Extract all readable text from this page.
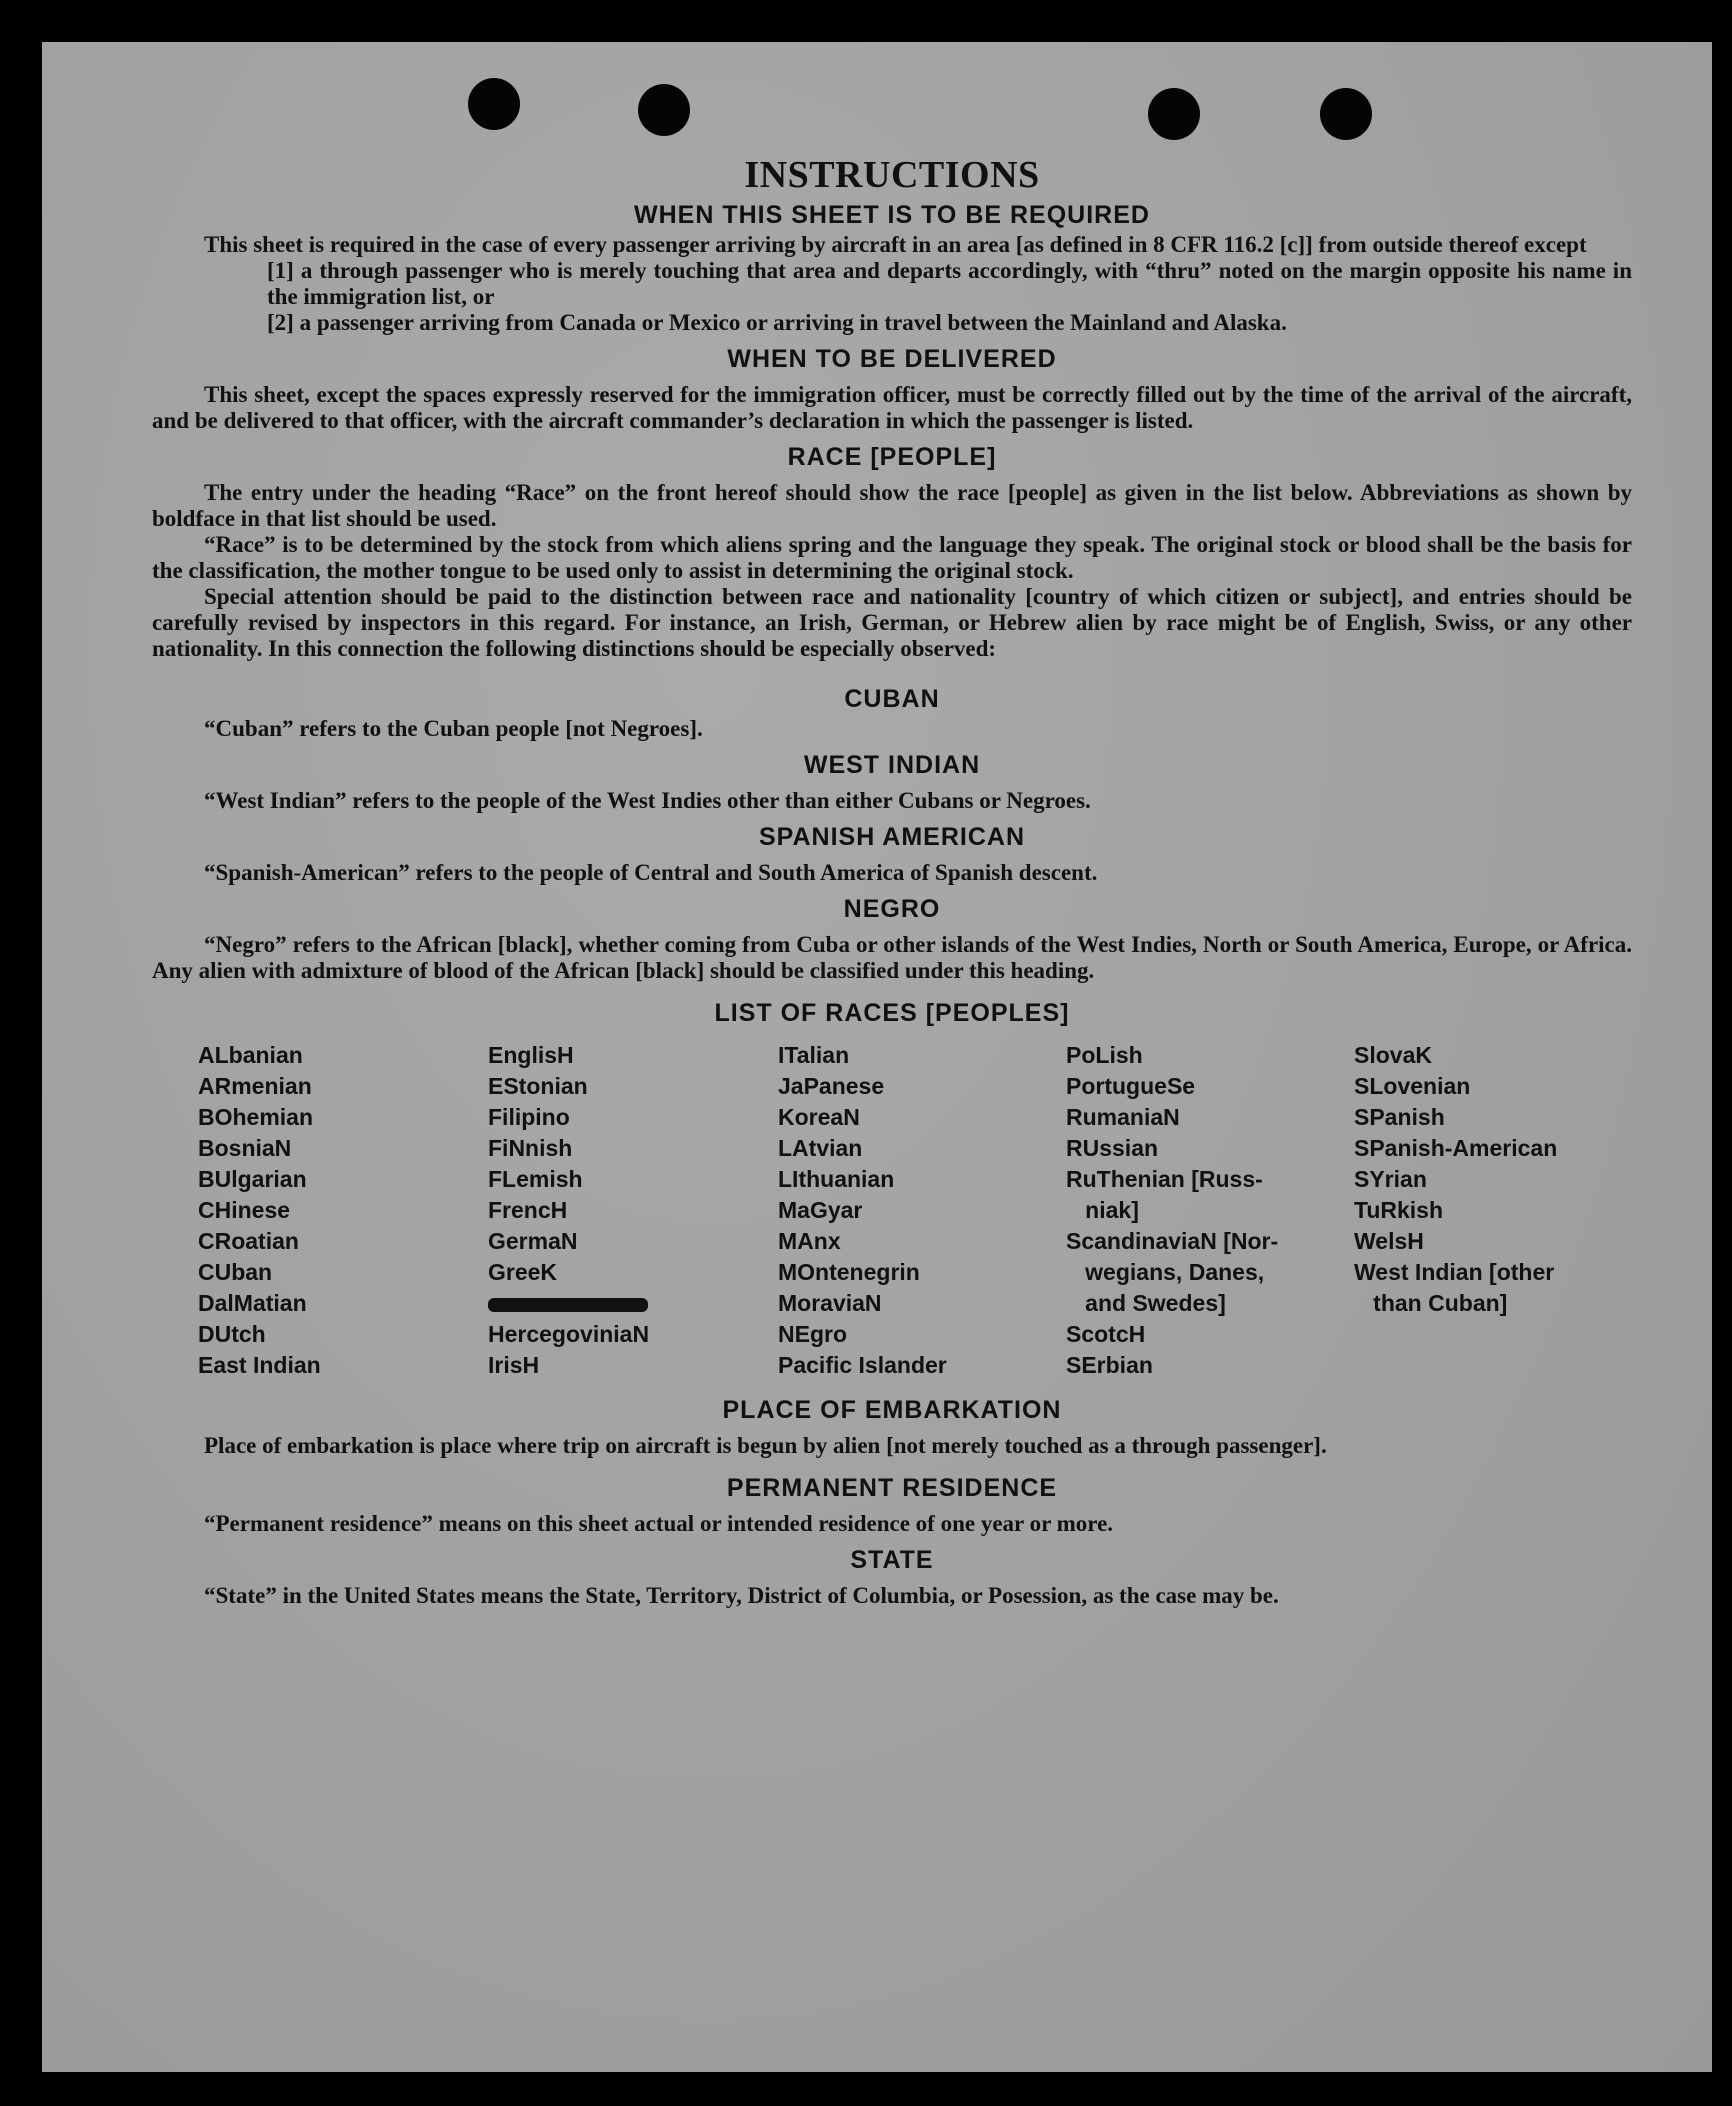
INSTRUCTIONS
WHEN THIS SHEET IS TO BE REQUIRED

This sheet is required in the case of every passenger arriving by aircraft in an area [as defined in 8 CFR 116.2 [c]] from outside thereof except

[1] a through passenger who is merely touching that area and departs accordingly, with “thru” noted on the margin opposite his name in the immigration list, or

[2] a passenger arriving from Canada or Mexico or arriving in travel between the Mainland and Alaska.

WHEN TO BE DELIVERED

This sheet, except the spaces expressly reserved for the immigration officer, must be correctly filled out by the time of the arrival of the aircraft, and be delivered to that officer, with the aircraft commander’s declaration in which the passenger is listed.

RACE [PEOPLE]

The entry under the heading “Race” on the front hereof should show the race [people] as given in the list below. Abbreviations as shown by boldface in that list should be used.

“Race” is to be determined by the stock from which aliens spring and the language they speak. The original stock or blood shall be the basis for the classification, the mother tongue to be used only to assist in determining the original stock.

Special attention should be paid to the distinction between race and nationality [country of which citizen or subject], and entries should be carefully revised by inspectors in this regard. For instance, an Irish, German, or Hebrew alien by race might be of English, Swiss, or any other nationality. In this connection the following distinctions should be especially observed:

CUBAN

“Cuban” refers to the Cuban people [not Negroes].

WEST INDIAN

“West Indian” refers to the people of the West Indies other than either Cubans or Negroes.

SPANISH AMERICAN

“Spanish-American” refers to the people of Central and South America of Spanish descent.

NEGRO

“Negro” refers to the African [black], whether coming from Cuba or other islands of the West Indies, North or South America, Europe, or Africa. Any alien with admixture of blood of the African [black] should be classified under this heading.

LIST OF RACES [PEOPLES]
ALbanian
ARmenian
BOhemian
BosniaN
BUlgarian
CHinese
CRoatian
CUban
DalMatian
DUtch
East Indian
EnglisH
EStonian
Filipino
FiNnish
FLemish
FrencH
GermaN
GreeK
HercegoviniaN
IrisH
ITalian
JaPanese
KoreaN
LAtvian
LIthuanian
MaGyar
MAnx
MOntenegrin
MoraviaN
NEgro
Pacific Islander
PoLish
PortugueSe
RumaniaN
RUssian
RuThenian [Russ-
niak]
ScandinaviaN [Nor-
wegians, Danes,
and Swedes]
ScotcH
SErbian
SlovaK
SLovenian
SPanish
SPanish-American
SYrian
TuRkish
WelsH
West Indian [other
than Cuban]
PLACE OF EMBARKATION

Place of embarkation is place where trip on aircraft is begun by alien [not merely touched as a through passenger].

PERMANENT RESIDENCE

“Permanent residence” means on this sheet actual or intended residence of one year or more.

STATE

“State” in the United States means the State, Territory, District of Columbia, or Posession, as the case may be.
